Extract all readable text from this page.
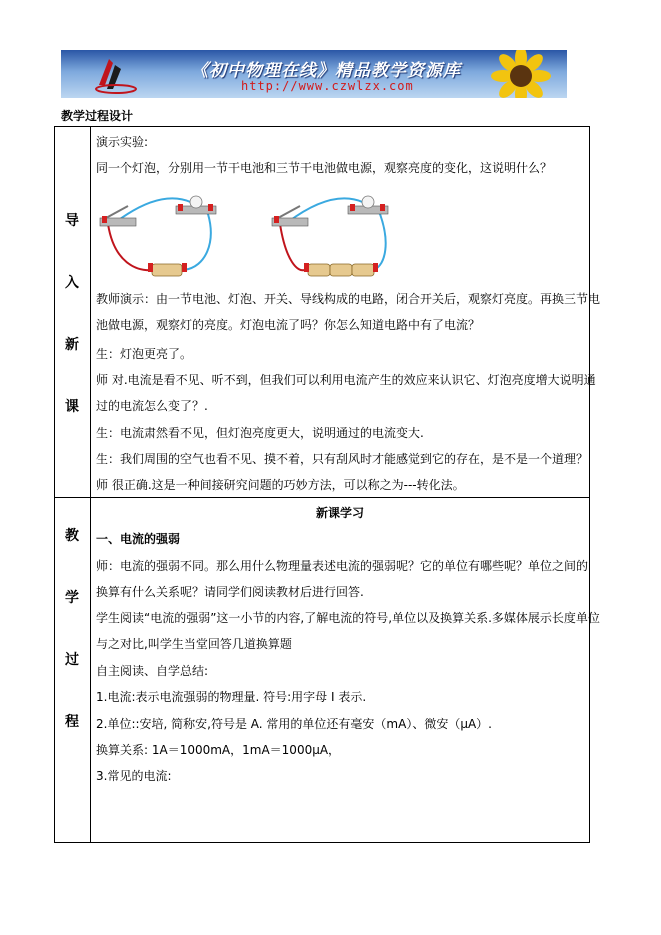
《初中物理在线》精品教学资源库
http://www.czwlzx.com
教学过程设计
导
入
新
课
教
学
过
程
演示实验:
同一个灯泡，分别用一节干电池和三节干电池做电源，观察亮度的变化，这说明什么？
教师演示：由一节电池、灯泡、开关、导线构成的电路，闭合开关后，观察灯亮度。再换三节电
池做电源，观察灯的亮度。灯泡电流了吗？你怎么知道电路中有了电流？
生：灯泡更亮了。
师 对.电流是看不见、听不到，但我们可以利用电流产生的效应来认识它、灯泡亮度增大说明通
过的电流怎么变了？.
生：电流肃然看不见，但灯泡亮度更大，说明通过的电流变大.
生：我们周围的空气也看不见、摸不着，只有刮风时才能感觉到它的存在，是不是一个道理？
师 很正确.这是一种间接研究问题的巧妙方法，可以称之为---转化法。
新课学习
一、电流的强弱
师：电流的强弱不同。那么用什么物理量表述电流的强弱呢？它的单位有哪些呢？单位之间的
换算有什么关系呢？请同学们阅读教材后进行回答.
学生阅读“电流的强弱”这一小节的内容,了解电流的符号,单位以及换算关系.多媒体展示长度单位
与之对比,叫学生当堂回答几道换算题
自主阅读、自学总结:
1.电流:表示电流强弱的物理量. 符号:用字母 I 表示.
2.单位::安培, 简称安,符号是 A. 常用的单位还有毫安（mA）、微安（μA）.
换算关系: 1A＝1000mA，1mA＝1000μA，
3.常见的电流:
